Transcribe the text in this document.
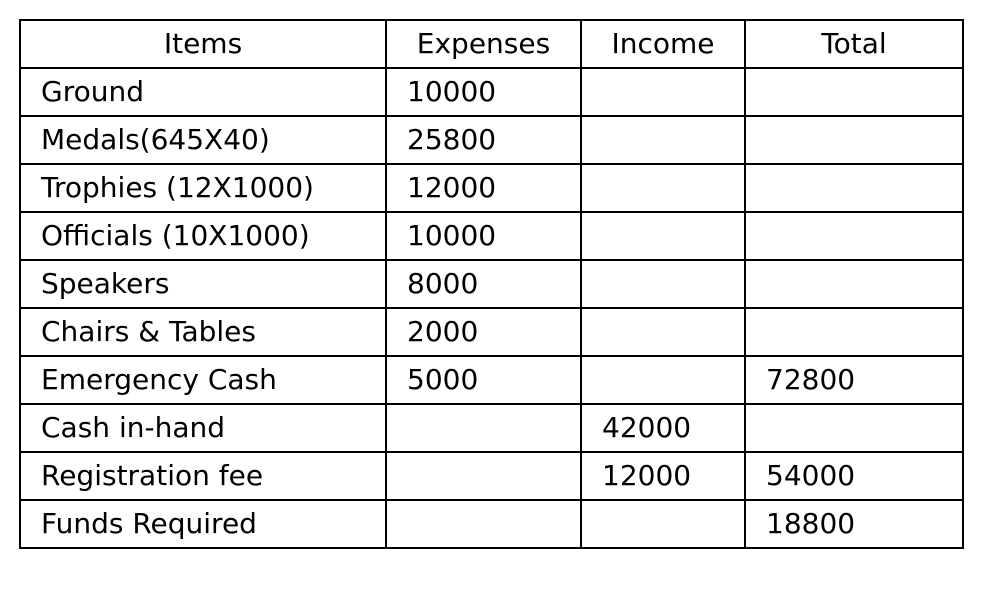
Items	Expenses	Income	Total
Ground	10000		
Medals(645X40)	25800		
Trophies (12X1000)	12000		
Officials (10X1000)	10000		
Speakers	8000		
Chairs & Tables	2000		
Emergency Cash	5000		72800
Cash in-hand		42000	
Registration fee		12000	54000
Funds Required			18800
